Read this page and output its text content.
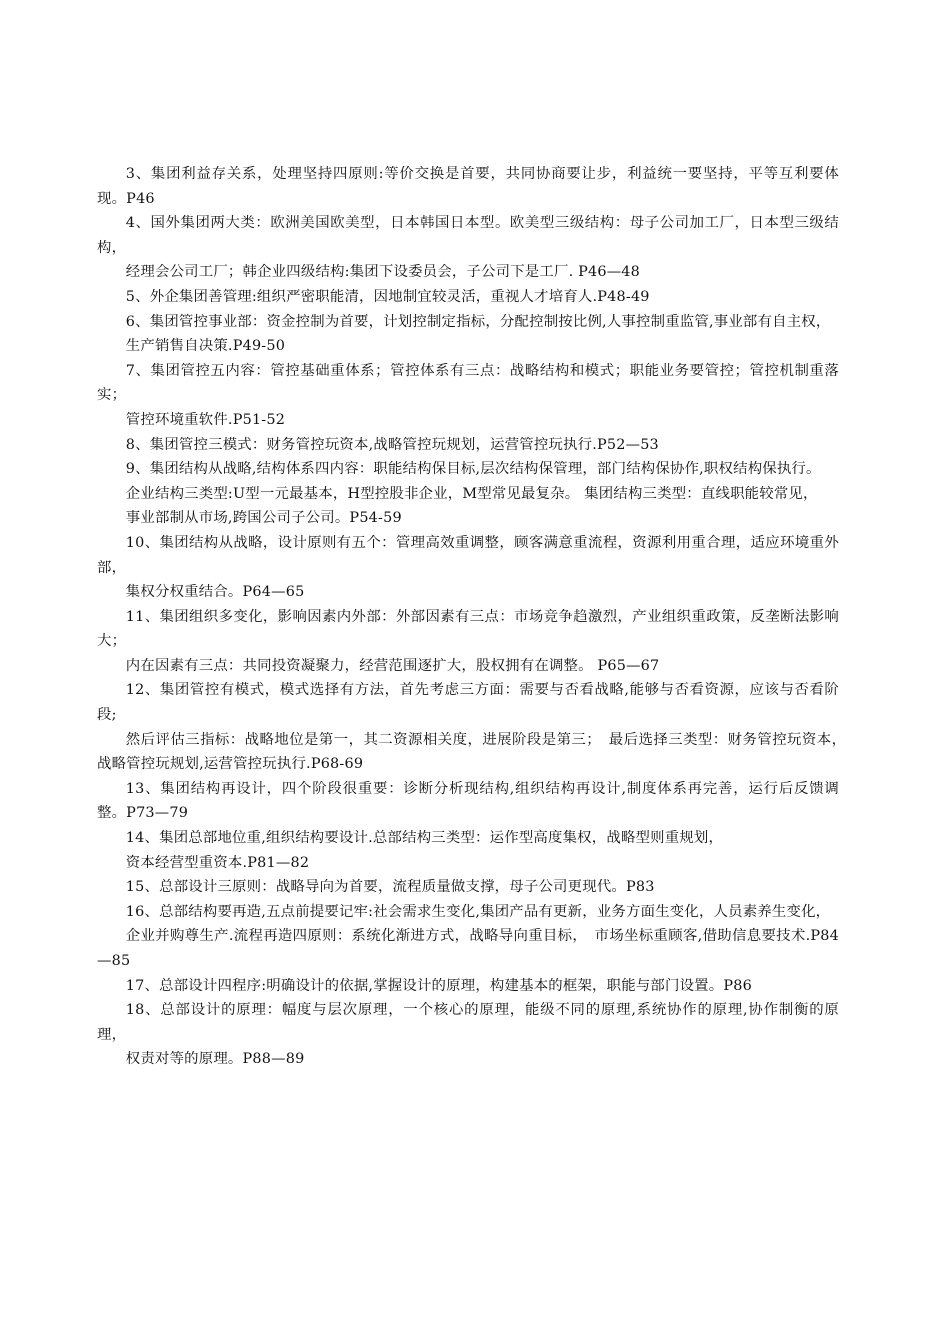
3、集团利益存关系，处理坚持四原则:等价交换是首要，共同协商要让步，利益统一要坚持，平等互利要体现。P46

4、国外集团两大类：欧洲美国欧美型，日本韩国日本型。欧美型三级结构：母子公司加工厂，日本型三级结构，

经理会公司工厂；韩企业四级结构:集团下设委员会，子公司下是工厂. P46—48

5、外企集团善管理:组织严密职能清，因地制宜较灵活，重视人才培育人.P48-49

6、集团管控事业部：资金控制为首要，计划控制定指标，分配控制按比例,人事控制重监管,事业部有自主权，

生产销售自决策.P49-50

7、集团管控五内容：管控基础重体系；管控体系有三点：战略结构和模式；职能业务要管控；管控机制重落实；

管控环境重软件.P51-52

8、集团管控三模式：财务管控玩资本,战略管控玩规划，运营管控玩执行.P52—53

9、集团结构从战略,结构体系四内容：职能结构保目标,层次结构保管理，部门结构保协作,职权结构保执行。

企业结构三类型:U型一元最基本，H型控股非企业，M型常见最复杂。 集团结构三类型：直线职能较常见，

事业部制从市场,跨国公司子公司。P54-59

10、集团结构从战略，设计原则有五个：管理高效重调整，顾客满意重流程，资源利用重合理，适应环境重外部，

集权分权重结合。P64—65

11、集团组织多变化，影响因素内外部：外部因素有三点：市场竞争趋激烈，产业组织重政策，反垄断法影响大；

内在因素有三点：共同投资凝聚力，经营范围逐扩大，股权拥有在调整。 P65—67

12、集团管控有模式，模式选择有方法，首先考虑三方面：需要与否看战略,能够与否看资源，应该与否看阶段;

然后评估三指标：战略地位是第一，其二资源相关度，进展阶段是第三；　最后选择三类型：财务管控玩资本，　战略管控玩规划,运营管控玩执行.P68-69

13、集团结构再设计，四个阶段很重要：诊断分析现结构,组织结构再设计,制度体系再完善，运行后反馈调整。P73—79

14、集团总部地位重,组织结构要设计.总部结构三类型：运作型高度集权，战略型则重规划，

资本经营型重资本.P81—82

15、总部设计三原则：战略导向为首要，流程质量做支撑，母子公司更现代。P83

16、总部结构要再造,五点前提要记牢:社会需求生变化,集团产品有更新，业务方面生变化，人员素养生变化，

企业并购尊生产.流程再造四原则：系统化渐进方式，战略导向重目标，　市场坐标重顾客,借助信息要技术.P84—85

17、总部设计四程序:明确设计的依据,掌握设计的原理，构建基本的框架，职能与部门设置。P86

18、总部设计的原理：幅度与层次原理，一个核心的原理，能级不同的原理,系统协作的原理,协作制衡的原理，

权责对等的原理。P88—89
